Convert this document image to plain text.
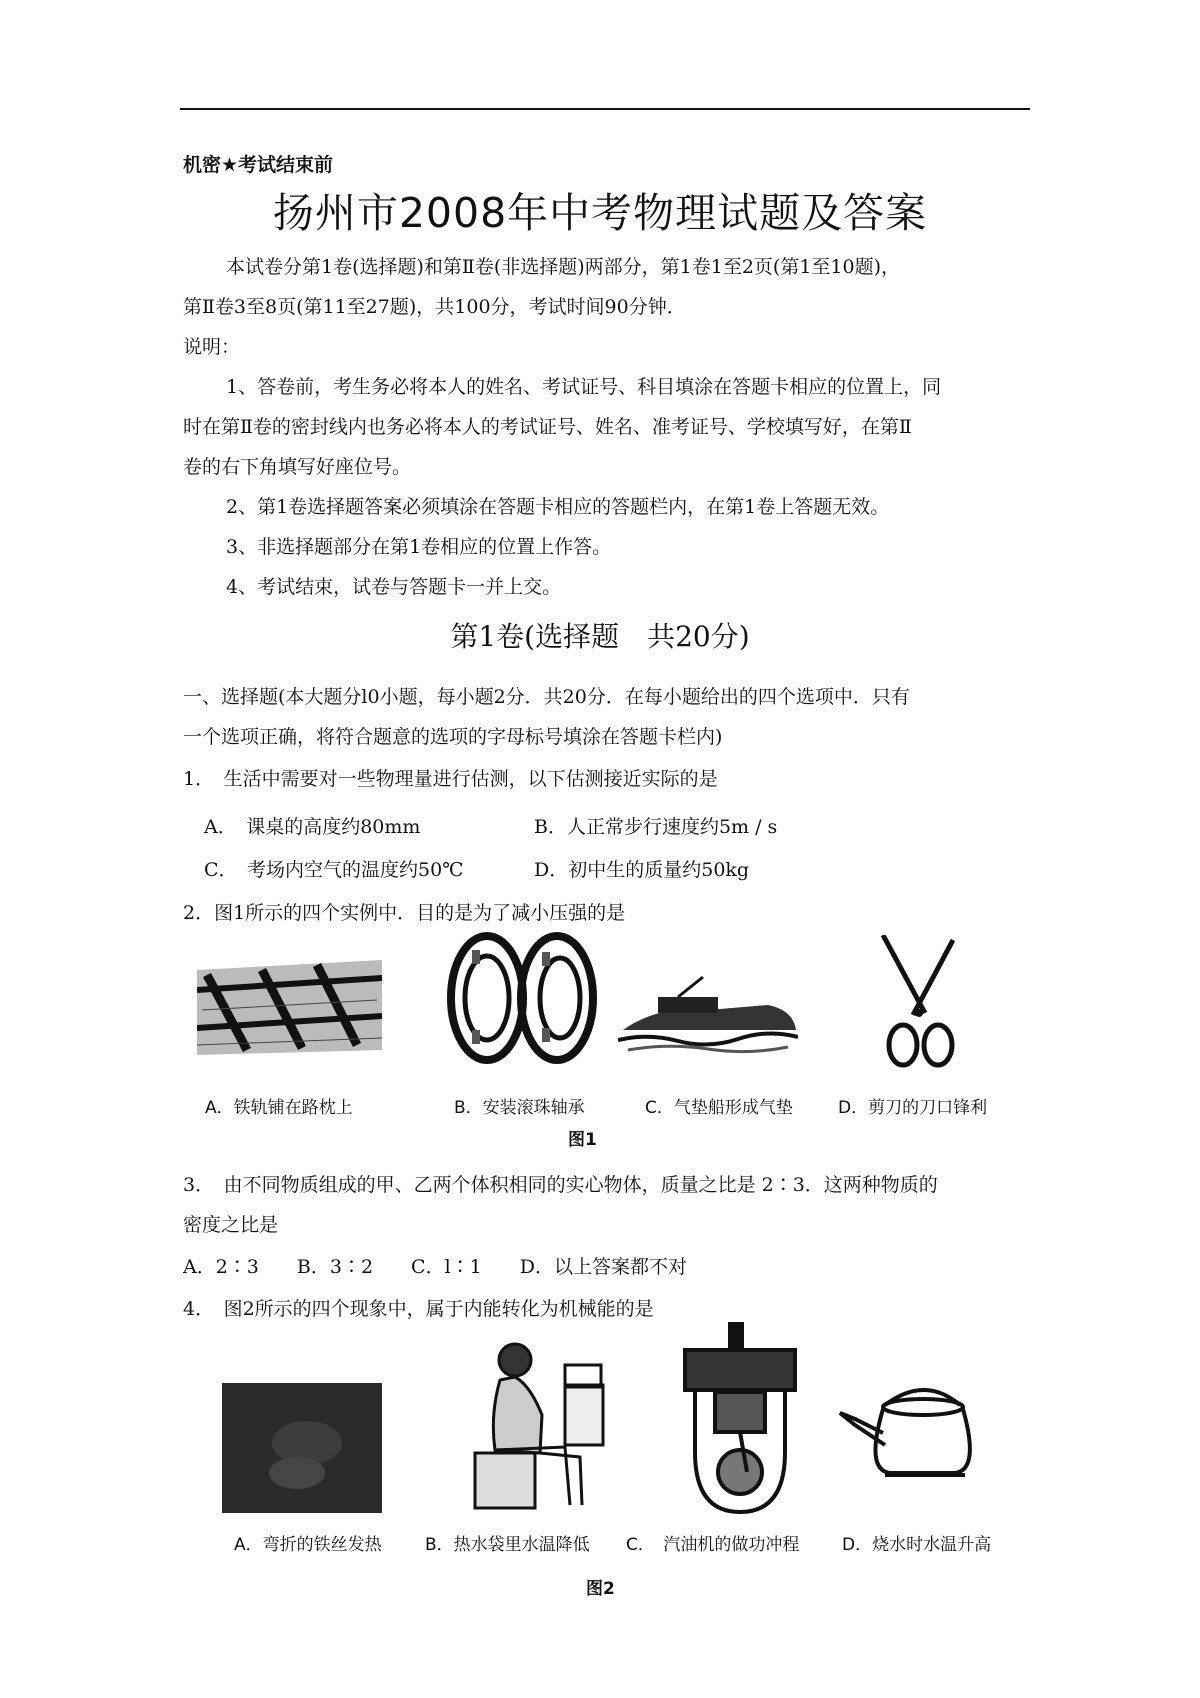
机密★考试结束前
扬州市2008年中考物理试题及答案
本试卷分第1卷(选择题)和第Ⅱ卷(非选择题)两部分，第1卷1至2页(第1至10题)，
第Ⅱ卷3至8页(第11至27题)，共100分，考试时间90分钟．
说明：
1、答卷前，考生务必将本人的姓名、考试证号、科目填涂在答题卡相应的位置上，同
时在第Ⅱ卷的密封线内也务必将本人的考试证号、姓名、准考证号、学校填写好，在第Ⅱ
卷的右下角填写好座位号。
2、第1卷选择题答案必须填涂在答题卡相应的答题栏内，在第1卷上答题无效。
3、非选择题部分在第1卷相应的位置上作答。
4、考试结束，试卷与答题卡一并上交。
第1卷(选择题　共20分)
一、选择题(本大题分l0小题，每小题2分．共20分．在每小题给出的四个选项中．只有
一个选项正确，将符合题意的选项的字母标号填涂在答题卡栏内)
1．　生活中需要对一些物理量进行估测，以下估测接近实际的是
A．　课桌的高度约80mm	B．人正常步行速度约5m / s
C．　考场内空气的温度约50℃	D．初中生的质量约50kg
2．图1所示的四个实例中．目的是为了减小压强的是
A．铁轨铺在路枕上	B．安装滚珠轴承	C．气垫船形成气垫	D．剪刀的刀口锋利
图1
3．　由不同物质组成的甲、乙两个体积相同的实心物体，质量之比是 2∶3．这两种物质的
密度之比是
A．2∶3　　B．3∶2　　C．l∶1　　D．以上答案都不对
4．　图2所示的四个现象中，属于内能转化为机械能的是
A．弯折的铁丝发热	B．热水袋里水温降低 C．　汽油机的做功冲程	D．烧水时水温升高
图2
